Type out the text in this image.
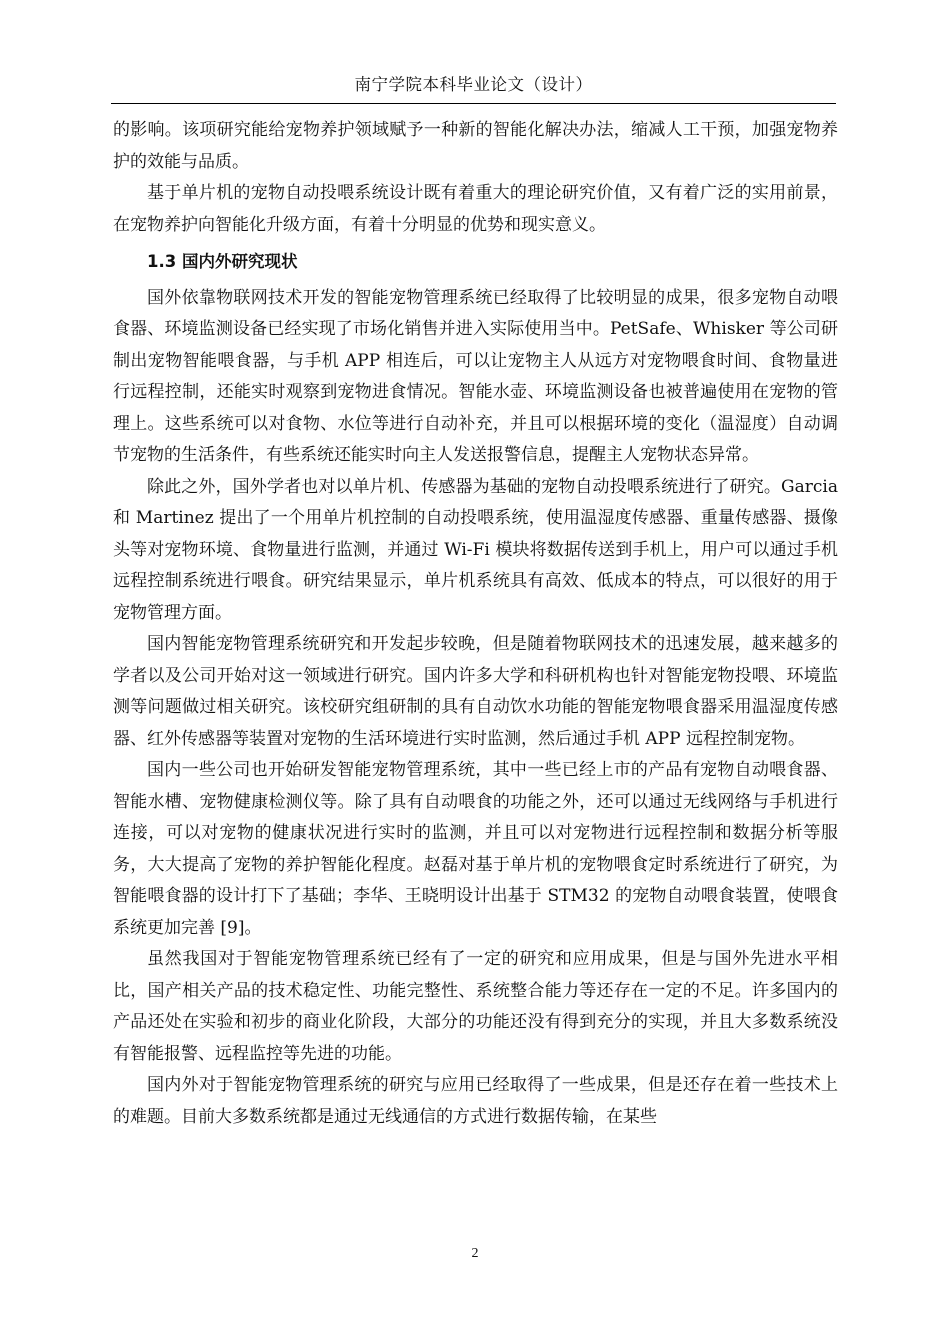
南宁学院本科毕业论文（设计）

的影响。该项研究能给宠物养护领域赋予一种新的智能化解决办法，缩减人工干预，加强宠物养护的效能与品质。

基于单片机的宠物自动投喂系统设计既有着重大的理论研究价值，又有着广泛的实用前景，在宠物养护向智能化升级方面，有着十分明显的优势和现实意义。

1.3 国内外研究现状

国外依靠物联网技术开发的智能宠物管理系统已经取得了比较明显的成果，很多宠物自动喂食器、环境监测设备已经实现了市场化销售并进入实际使用当中。PetSafe、Whisker 等公司研制出宠物智能喂食器，与手机 APP 相连后，可以让宠物主人从远方对宠物喂食时间、食物量进行远程控制，还能实时观察到宠物进食情况。智能水壶、环境监测设备也被普遍使用在宠物的管理上。这些系统可以对食物、水位等进行自动补充，并且可以根据环境的变化（温湿度）自动调节宠物的生活条件，有些系统还能实时向主人发送报警信息，提醒主人宠物状态异常。

除此之外，国外学者也对以单片机、传感器为基础的宠物自动投喂系统进行了研究。Garcia 和 Martinez 提出了一个用单片机控制的自动投喂系统，使用温湿度传感器、重量传感器、摄像头等对宠物环境、食物量进行监测，并通过 Wi-Fi 模块将数据传送到手机上，用户可以通过手机远程控制系统进行喂食。研究结果显示，单片机系统具有高效、低成本的特点，可以很好的用于宠物管理方面。

国内智能宠物管理系统研究和开发起步较晚，但是随着物联网技术的迅速发展，越来越多的学者以及公司开始对这一领域进行研究。国内许多大学和科研机构也针对智能宠物投喂、环境监测等问题做过相关研究。该校研究组研制的具有自动饮水功能的智能宠物喂食器采用温湿度传感器、红外传感器等装置对宠物的生活环境进行实时监测，然后通过手机 APP 远程控制宠物。

国内一些公司也开始研发智能宠物管理系统，其中一些已经上市的产品有宠物自动喂食器、智能水槽、宠物健康检测仪等。除了具有自动喂食的功能之外，还可以通过无线网络与手机进行连接，可以对宠物的健康状况进行实时的监测，并且可以对宠物进行远程控制和数据分析等服务，大大提高了宠物的养护智能化程度。赵磊对基于单片机的宠物喂食定时系统进行了研究，为智能喂食器的设计打下了基础；李华、王晓明设计出基于 STM32 的宠物自动喂食装置，使喂食系统更加完善 [9]。

虽然我国对于智能宠物管理系统已经有了一定的研究和应用成果，但是与国外先进水平相比，国产相关产品的技术稳定性、功能完整性、系统整合能力等还存在一定的不足。许多国内的产品还处在实验和初步的商业化阶段，大部分的功能还没有得到充分的实现，并且大多数系统没有智能报警、远程监控等先进的功能。

国内外对于智能宠物管理系统的研究与应用已经取得了一些成果，但是还存在着一些技术上的难题。目前大多数系统都是通过无线通信的方式进行数据传输，在某些

2
